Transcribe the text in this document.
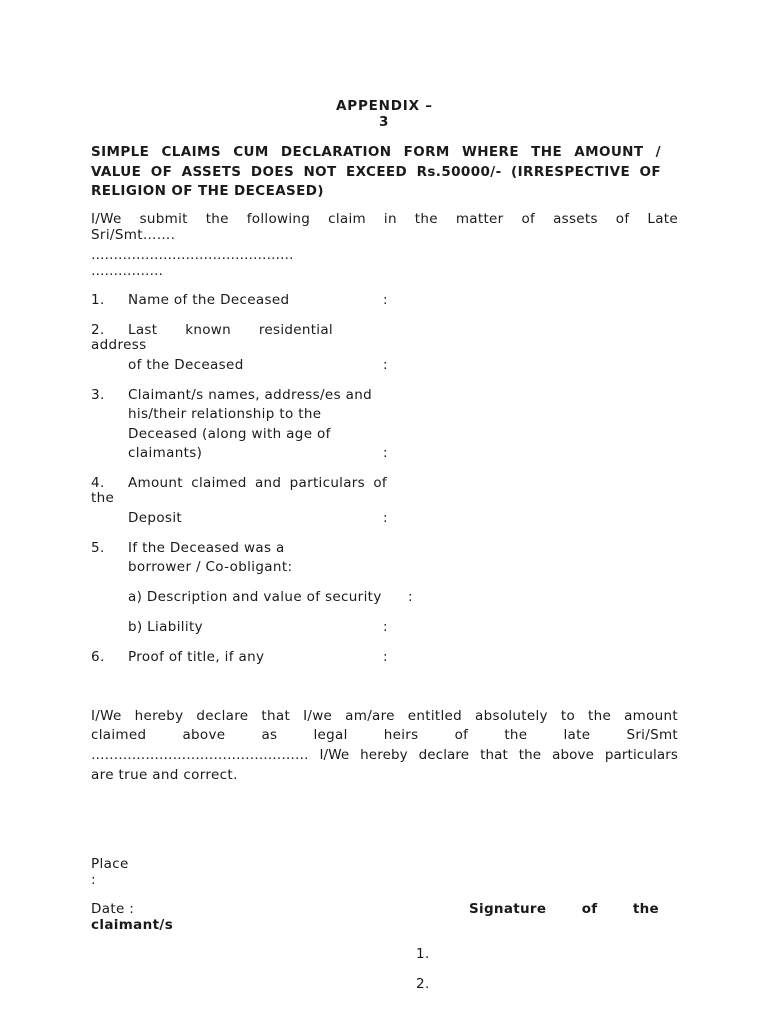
APPENDIX –
3
SIMPLE CLAIMS CUM DECLARATION FORM WHERE THE AMOUNT /
VALUE OF ASSETS DOES NOT EXCEED Rs.50000/- (IRRESPECTIVE OF
RELIGION OF THE DECEASED)
I/We submit the following claim in the matter of assets of Late
Sri/Smt…….
………………………………………
…………….
1. Name of the Deceased	:
2. Last known residential
address
of the Deceased	:
3. Claimant/s names, address/es and
his/their relationship to the
Deceased (along with age of
claimants)	:
4. Amount claimed and particulars of
the
Deposit	:
5. If the Deceased was a
borrower / Co-obligant:
a) Description and value of security :
b) Liability	:
6. Proof of title, if any	:
I/We hereby declare that I/we am/are entitled absolutely to the amount
claimed above as legal heirs of the late Sri/Smt
………………………………………… I/We hereby declare that the above particulars
are true and correct.
Place
:
Date :	Signature of the
claimant/s
1.
2.
